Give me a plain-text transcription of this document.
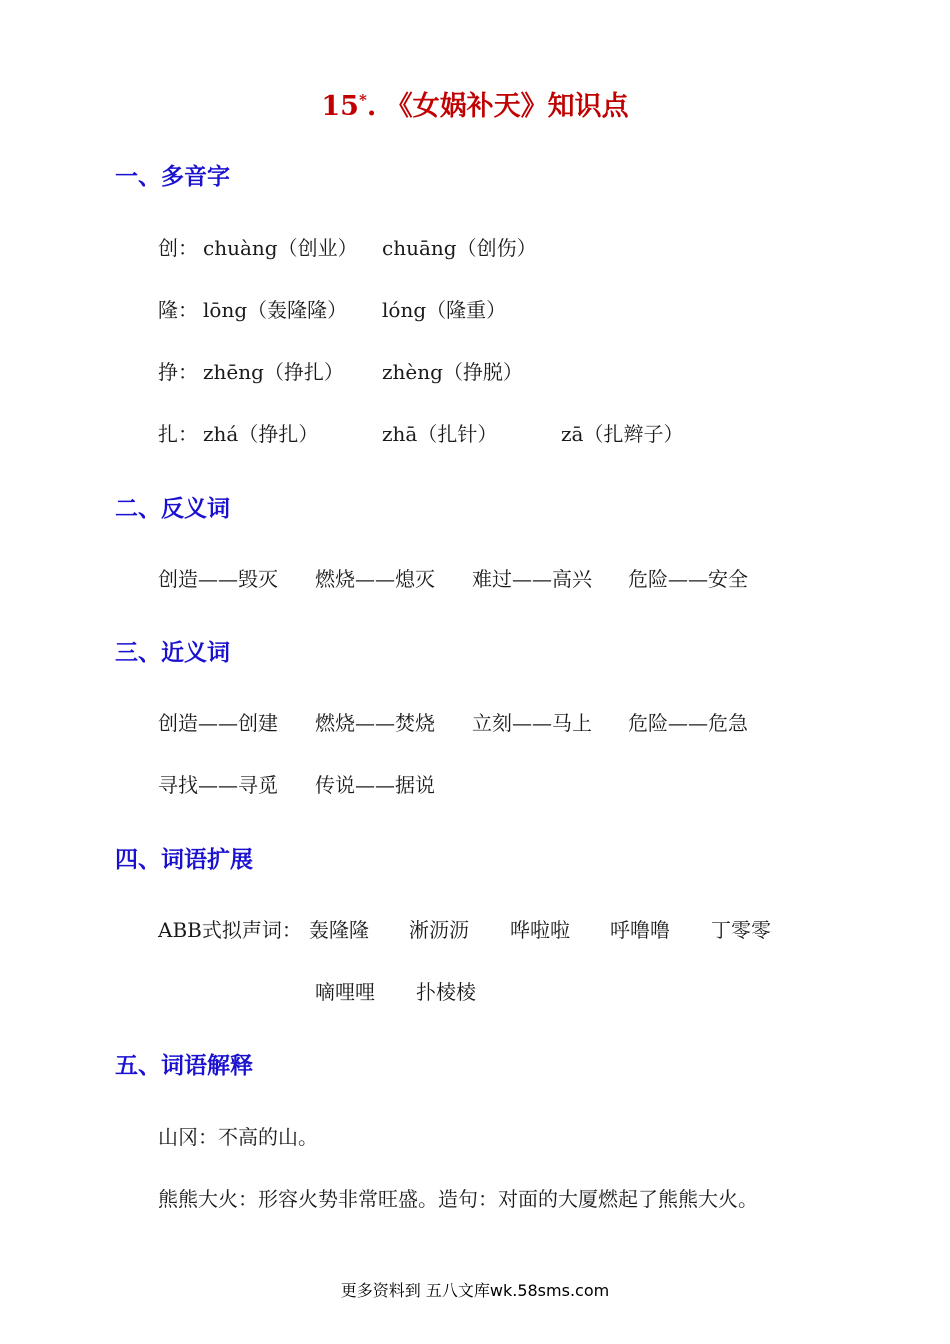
15*. 《女娲补天》知识点
一、多音字
创： chuàng（创业） chuāng（创伤）
隆： lōng（轰隆隆） lóng（隆重）
挣： zhēng（挣扎） zhèng（挣脱）
扎： zhá（挣扎）	zhā（扎针）	zā（扎辫子）
二、反义词
创造——毁灭 燃烧——熄灭 难过——高兴 危险——安全
三、近义词
创造——创建 燃烧——焚烧 立刻——马上 危险——危急
寻找——寻觅 传说——据说
四、词语扩展
ABB式拟声词： 轰隆隆 淅沥沥 哗啦啦 呼噜噜 丁零零
嘀哩哩 扑棱棱
五、词语解释
山冈：不高的山。
熊熊大火：形容火势非常旺盛。造句：对面的大厦燃起了熊熊大火。
更多资料到 五八文库wk.58sms.com
